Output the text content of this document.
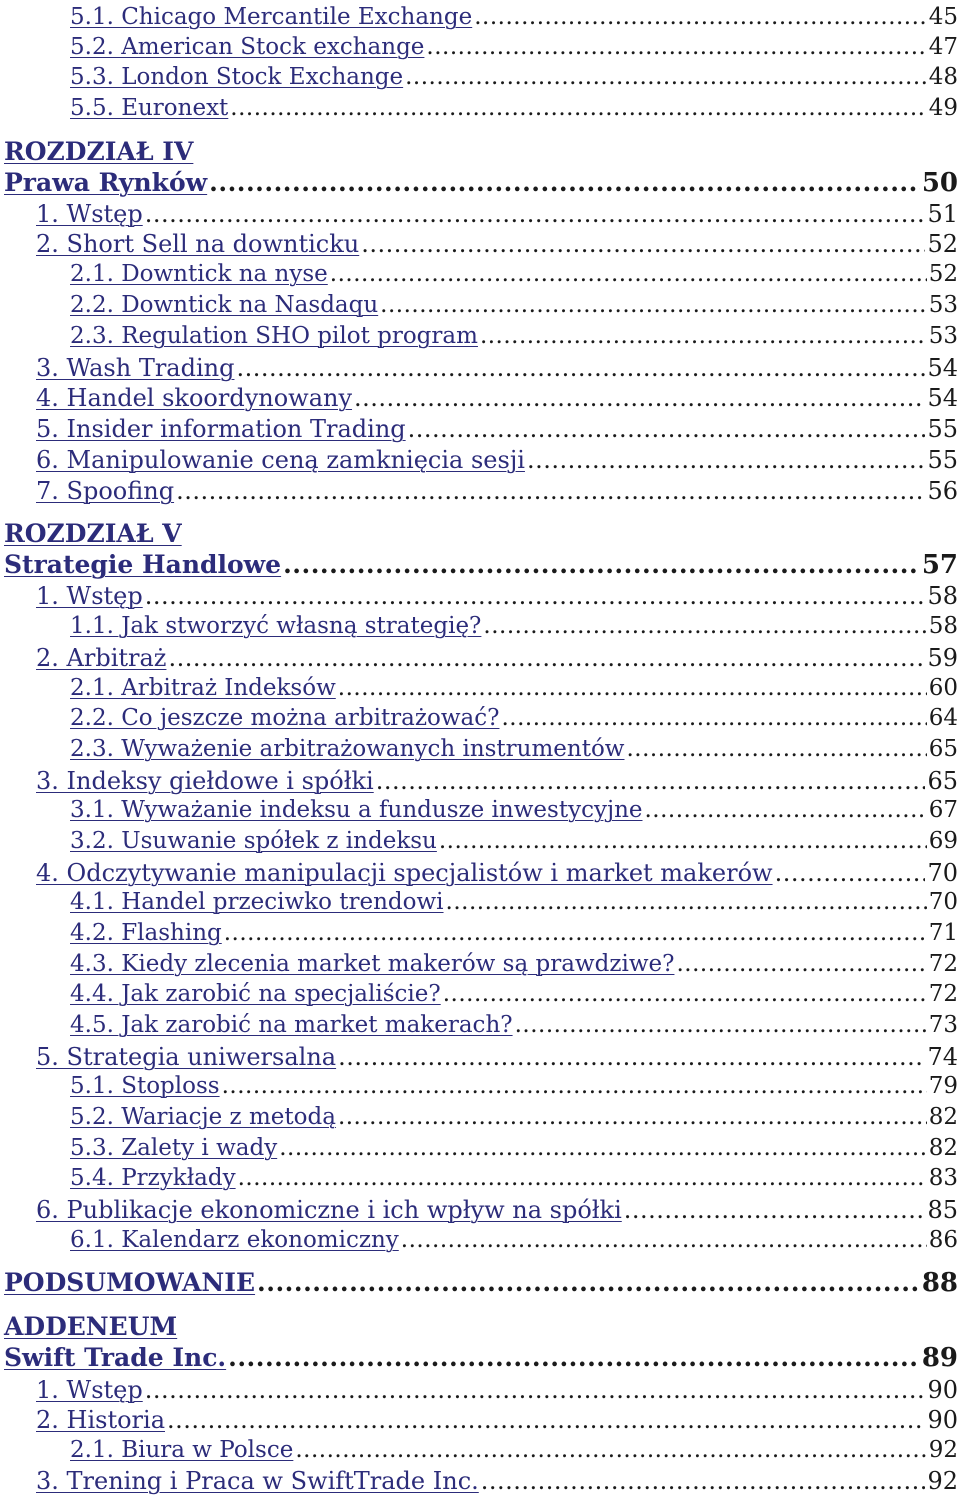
5.1. Chicago Mercantile Exchange .....	45
5.2. American Stock exchange .....	47
5.3. London Stock Exchange .....	48
5.5. Euronext .....	49
ROZDZIAŁ IV
Prawa Rynków .....	50
1. Wstęp .....	51
2. Short Sell na downticku .....	52
2.1. Downtick na nyse .....	52
2.2. Downtick na Nasdaqu .....	53
2.3. Regulation SHO pilot program .....	53
3. Wash Trading .....	54
4. Handel skoordynowany .....	54
5. Insider information Trading .....	55
6. Manipulowanie ceną zamknięcia sesji .....	55
7. Spoofing .....	56
ROZDZIAŁ V
Strategie Handlowe .....	57
1. Wstęp .....	58
1.1. Jak stworzyć własną strategię? .....	58
2. Arbitraż .....	59
2.1. Arbitraż Indeksów .....	60
2.2. Co jeszcze można arbitrażować? .....	64
2.3. Wyważenie arbitrażowanych instrumentów .....	65
3. Indeksy giełdowe i spółki .....	65
3.1. Wyważanie indeksu a fundusze inwestycyjne .....	67
3.2. Usuwanie spółek z indeksu .....	69
4. Odczytywanie manipulacji specjalistów i market makerów .....	70
4.1. Handel przeciwko trendowi .....	70
4.2. Flashing .....	71
4.3. Kiedy zlecenia market makerów są prawdziwe? .....	72
4.4. Jak zarobić na specjaliście? .....	72
4.5. Jak zarobić na market makerach? .....	73
5. Strategia uniwersalna .....	74
5.1. Stoploss .....	79
5.2. Wariacje z metodą .....	82
5.3. Zalety i wady .....	82
5.4. Przykłady .....	83
6. Publikacje ekonomiczne i ich wpływ na spółki .....	85
6.1. Kalendarz ekonomiczny .....	86
PODSUMOWANIE .....	88
ADDENEUM
Swift Trade Inc. .....	89
1. Wstęp .....	90
2. Historia .....	90
2.1. Biura w Polsce .....	92
3. Trening i Praca w SwiftTrade Inc. .....	92
